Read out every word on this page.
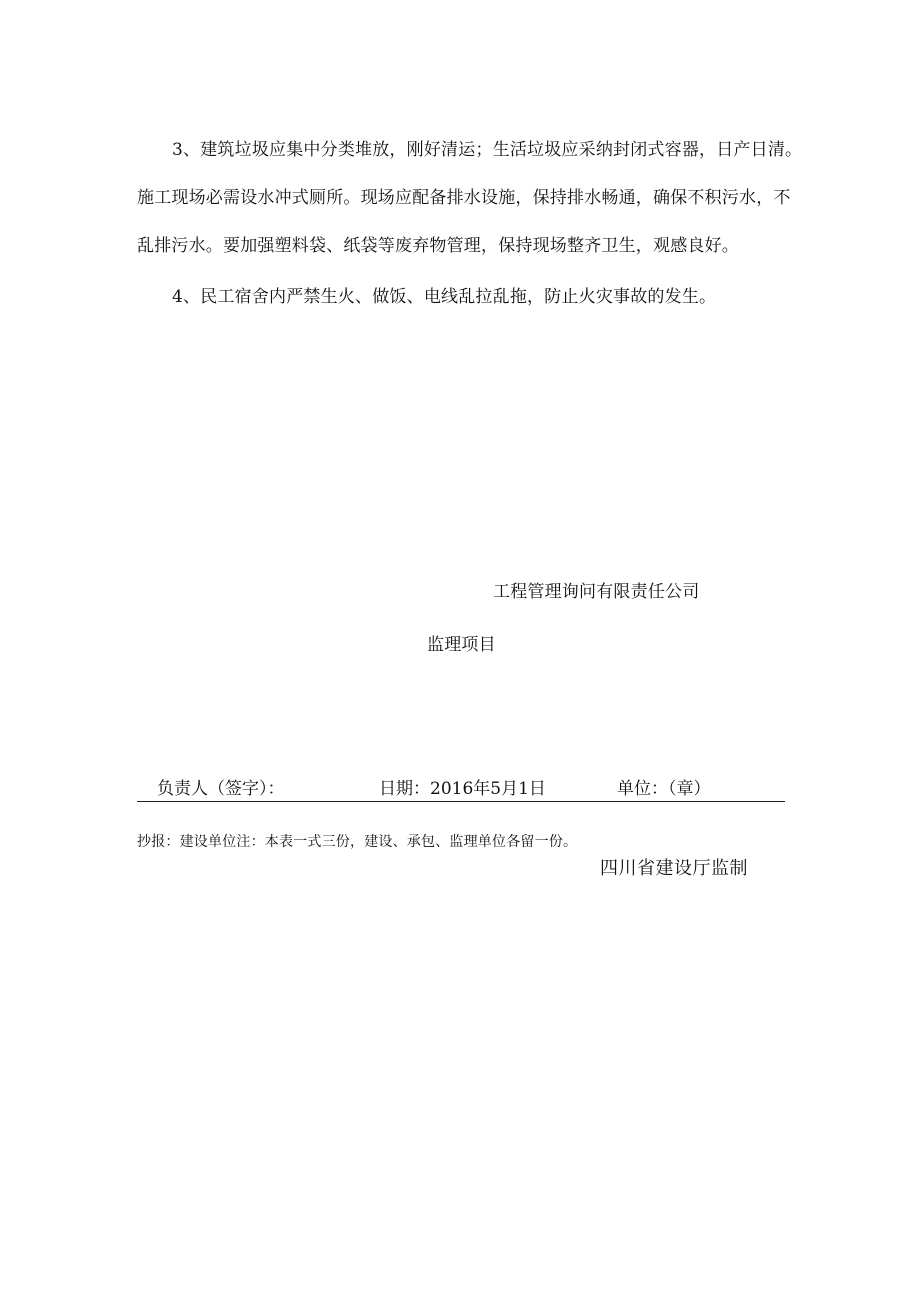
3、建筑垃圾应集中分类堆放，刚好清运；生活垃圾应采纳封闭式容器，日产日清。
施工现场必需设水冲式厕所。现场应配备排水设施，保持排水畅通，确保不积污水，不
乱排污水。要加强塑料袋、纸袋等废弃物管理，保持现场整齐卫生，观感良好。
4、民工宿舍内严禁生火、做饭、电线乱拉乱拖，防止火灾事故的发生。
工程管理询问有限责任公司
监理项目
负责人（签字）：	日期：2016年5月1日	单位：（章）
抄报：建设单位注：本表一式三份，建设、承包、监理单位各留一份。
四川省建设厅监制
